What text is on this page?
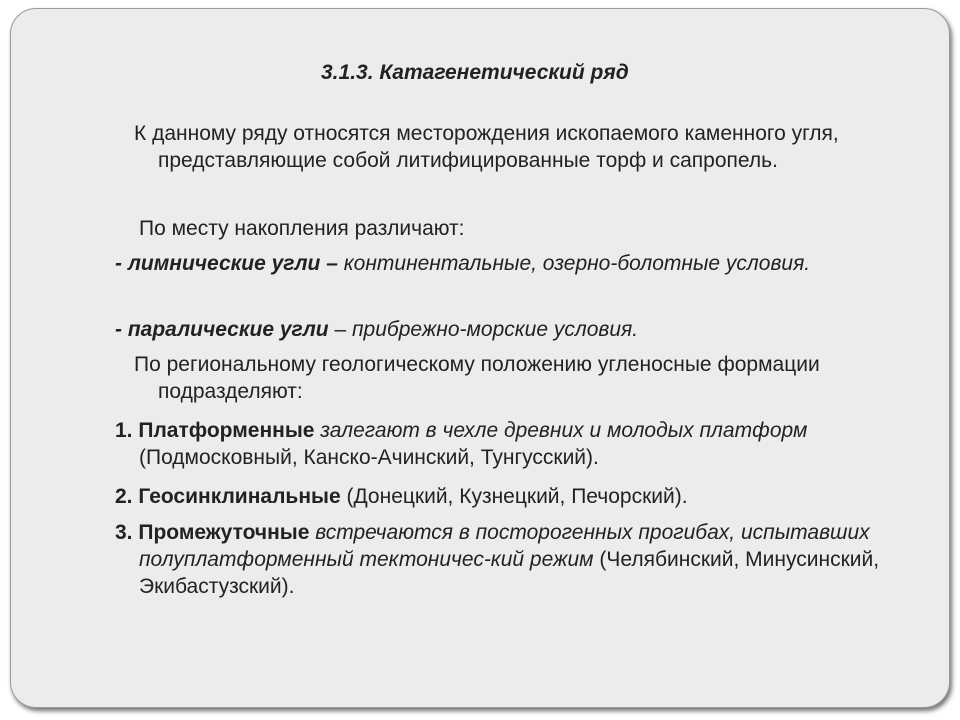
3.1.3. Катагенетический ряд

К данному ряду относятся месторождения ископаемого каменного угля, представляющие собой литифицированные торф и сапропель.

По месту накопления различают:

- лимнические угли – континентальные, озерно-болотные условия.

- паралические угли – прибрежно-морские условия.

По региональному геологическому положению угленосные формации подразделяют:

1. Платформенные залегают в чехле древних и молодых платформ (Подмосковный, Канско-Ачинский, Тунгусский).

2. Геосинклинальные (Донецкий, Кузнецкий, Печорский).

3. Промежуточные встречаются в посторогенных прогибах, испытавших полуплатформенный тектоничес-кий режим (Челябинский, Минусинский, Экибастузский).
